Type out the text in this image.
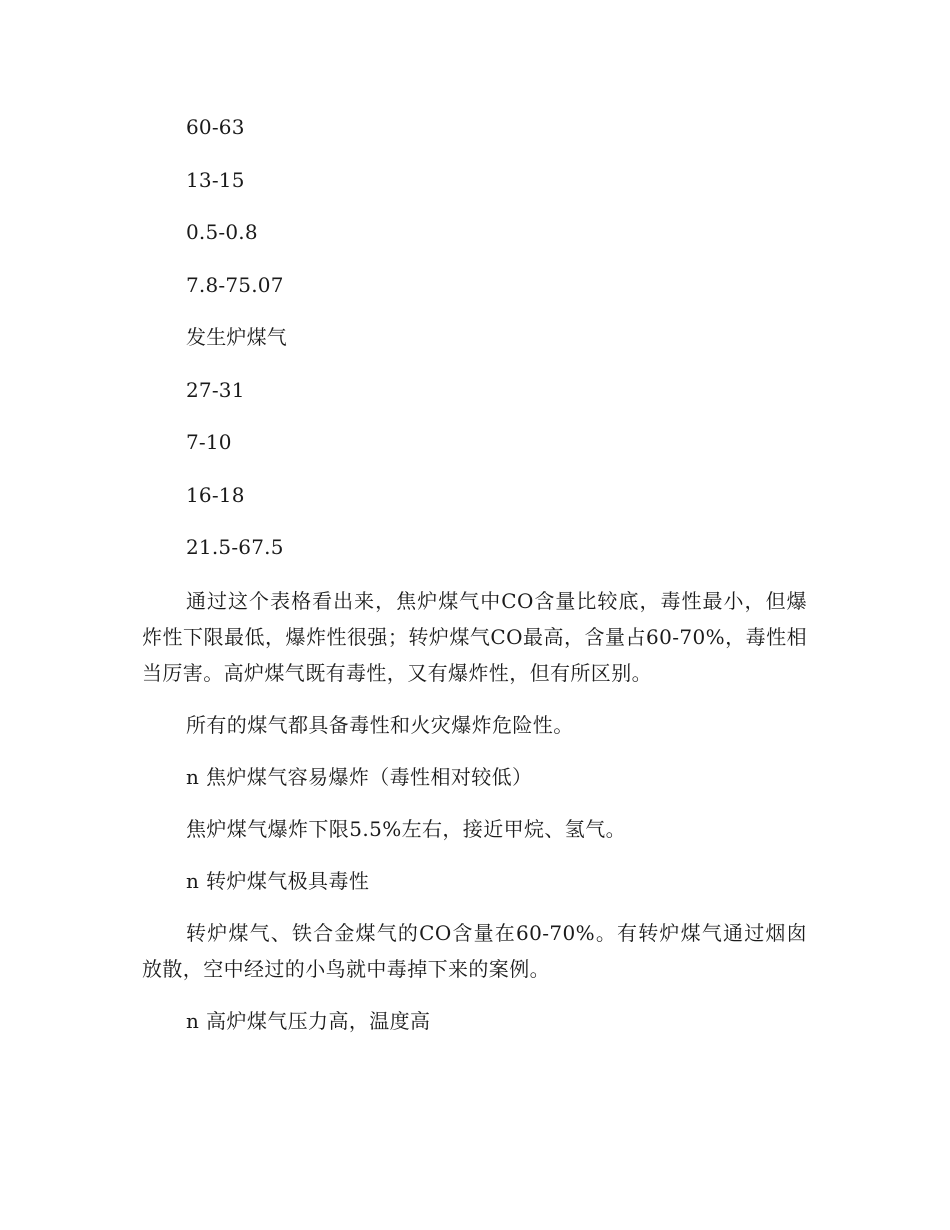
60-63

13-15

0.5-0.8

7.8-75.07

发生炉煤气

27-31

7-10

16-18

21.5-67.5

通过这个表格看出来，焦炉煤气中CO含量比较底，毒性最小，但爆炸性下限最低，爆炸性很强；转炉煤气CO最高，含量占60-70%，毒性相当厉害。高炉煤气既有毒性，又有爆炸性，但有所区别。

所有的煤气都具备毒性和火灾爆炸危险性。

n 焦炉煤气容易爆炸（毒性相对较低）

焦炉煤气爆炸下限5.5%左右，接近甲烷、氢气。

n 转炉煤气极具毒性

转炉煤气、铁合金煤气的CO含量在60-70%。有转炉煤气通过烟囱放散，空中经过的小鸟就中毒掉下来的案例。

n 高炉煤气压力高，温度高
